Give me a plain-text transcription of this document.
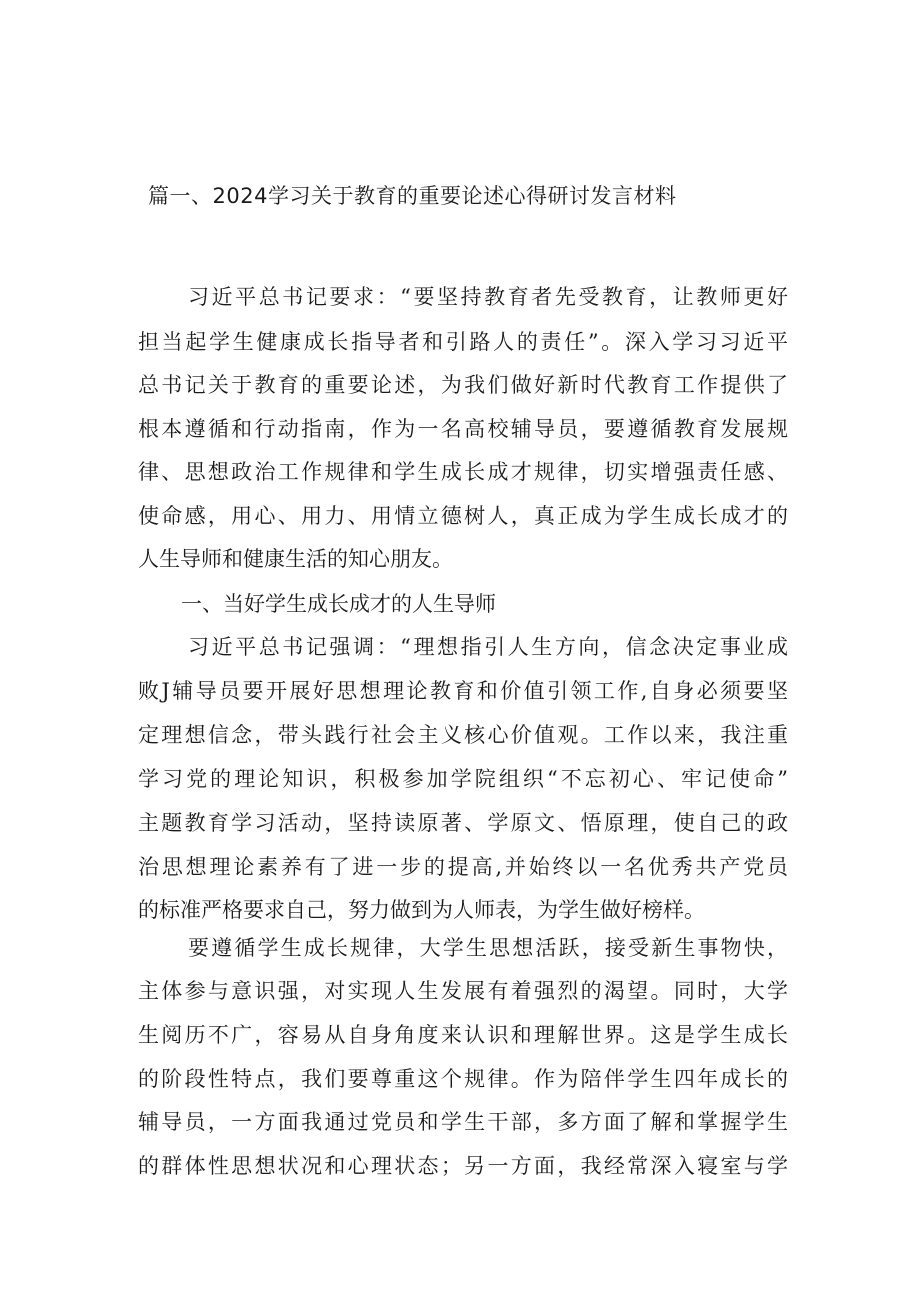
篇一、2024学习关于教育的重要论述心得研讨发言材料

习近平总书记要求：“要坚持教育者先受教育，让教师更好

担当起学生健康成长指导者和引路人的责任”。深入学习习近平

总书记关于教育的重要论述，为我们做好新时代教育工作提供了

根本遵循和行动指南，作为一名高校辅导员，要遵循教育发展规

律、思想政治工作规律和学生成长成才规律，切实增强责任感、

使命感，用心、用力、用情立德树人，真正成为学生成长成才的

人生导师和健康生活的知心朋友。

一、当好学生成长成才的人生导师

习近平总书记强调：“理想指引人生方向，信念决定事业成

败J辅导员要开展好思想理论教育和价值引领工作,自身必须要坚

定理想信念，带头践行社会主义核心价值观。工作以来，我注重

学习党的理论知识，积极参加学院组织“不忘初心、牢记使命”

主题教育学习活动，坚持读原著、学原文、悟原理，使自己的政

治思想理论素养有了进一步的提高,并始终以一名优秀共产党员

的标准严格要求自己，努力做到为人师表，为学生做好榜样。

要遵循学生成长规律，大学生思想活跃，接受新生事物快，

主体参与意识强，对实现人生发展有着强烈的渴望。同时，大学

生阅历不广，容易从自身角度来认识和理解世界。这是学生成长

的阶段性特点，我们要尊重这个规律。作为陪伴学生四年成长的

辅导员，一方面我通过党员和学生干部，多方面了解和掌握学生

的群体性思想状况和心理状态；另一方面，我经常深入寝室与学
